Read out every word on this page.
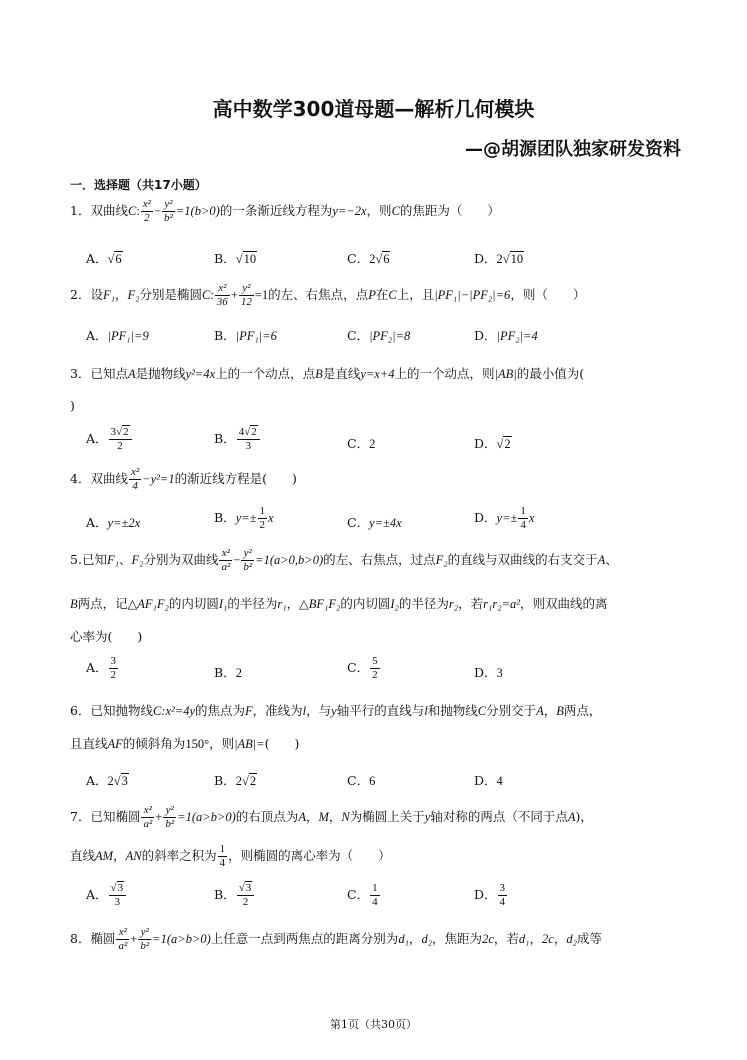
高中数学300道母题—解析几何模块
—@胡源团队独家研发资料
一．选择题（共17小题）
1．双曲线C: $\frac{\text{x²}}{2} - \frac{\text{y²}}{\text{b²}} =1(b>0)$的一条渐近线方程为y=−2x，则C的焦距为（　　）
A．√6	B．√10	C．2√6	D．2√10
2．设F₁，F₂分别是椭圆C: $\frac{\text{x²}}{36} + \frac{\text{y²}}{12} =1$的左、右焦点，点P在C上，且|PF₁|−|PF₂|=6，则（　　）
A．|PF₁|=9	B．|PF₁|=6	C．|PF₂|=8	D．|PF₂|=4
3．已知点A是抛物线y²=4x上的一个动点，点B是直线y=x+4上的一个动点，则|AB|的最小值为(
)
A． $\frac{3√2}{2}$	B． $\frac{4√2}{3}$	C．2	D．√2
4．双曲线 $\frac{\text{x²}}{4} -y^2=1$的渐近线方程是(　　)
A．y=±2x	B．$y=\pm \frac{1}{2}$ x	C．y=±4x	D．$y=\pm \frac{1}{4}$ x
5.已知F₁、F₂分别为双曲线 $\frac{\text{x²}}{\text{a²}} - \frac{\text{y²}}{\text{b²}} =1(a>0,b>0)$的左、右焦点，过点F₂的直线与双曲线的右支交于A、
B两点，记△AF₁F₂的内切圆I₁的半径为r₁，△BF₁F₂的内切圆I₂的半径为r₂，若r₁r₂=a²，则双曲线的离
心率为(　　)
A． $\frac{3}{2}$	B．2	C． $\frac{5}{2}$	D．3
6．已知抛物线C:x²=4y的焦点为F，准线为l，与y轴平行的直线与l和抛物线C分别交于A，B两点，
且直线AF的倾斜角为150°，则|AB|=(　　)
A．2√3	B．2√2	C．6	D．4
7．已知椭圆 $\frac{\text{x²}}{\text{a²}} + \frac{\text{y²}}{\text{b²}} =1(a>b>0)$的右顶点为A，M，N为椭圆上关于y轴对称的两点（不同于点A)，
直线AM，AN的斜率之积为 $\frac{1}{4}$ ，则椭圆的离心率为（　　）
A． $\frac{√3}{3}$	B． $\frac{√3}{2}$	C． $\frac{1}{4}$	D． $\frac{3}{4}$
8．椭圆 $\frac{\text{x²}}{\text{a²}} + \frac{\text{y²}}{\text{b²}} =1(a>b>0)$上任意一点到两焦点的距离分别为d₁，d₂，焦距为2c，若d₁，2c，d₂成等
第1页（共30页）
